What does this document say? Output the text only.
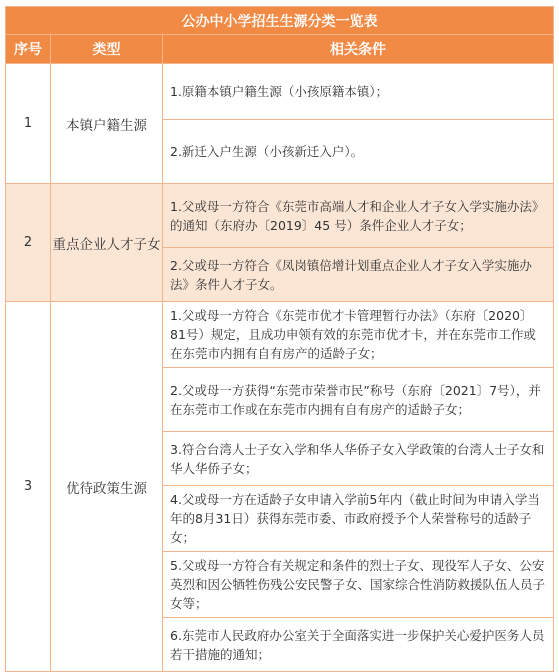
公办中小学招生生源分类一览表		
序号	类型	相关条件
1	本镇户籍生源	1.原籍本镇户籍生源（小孩原籍本镇）；
		2.新迁入户生源（小孩新迁入户）。
2	重点企业人才子女	1.父或母一方符合《东莞市高端人才和企业人才子女入学实施办法》的通知（东府办〔2019〕45 号）条件企业人才子女；
		2.父或母一方符合《凤岗镇倍增计划重点企业人才子女入学实施办法》条件人才子女。
3	优待政策生源	1.父或母一方符合《东莞市优才卡管理暂行办法》（东府〔2020〕81号）规定，且成功申领有效的东莞市优才卡，并在东莞市工作或在东莞市内拥有自有房产的适龄子女；
		2.父或母一方获得“东莞市荣誉市民”称号（东府〔2021〕7号），并在东莞市工作或在东莞市内拥有自有房产的适龄子女；
		3.符合台湾人士子女入学和华人华侨子女入学政策的台湾人士子女和华人华侨子女；
		4.父或母一方在适龄子女申请入学前5年内（截止时间为申请入学当年的8月31日）获得东莞市委、市政府授予个人荣誉称号的适龄子女；
		5.父或母一方符合有关规定和条件的烈士子女、现役军人子女、公安英烈和因公牺牲伤残公安民警子女、国家综合性消防救援队伍人员子女等；
		6.东莞市人民政府办公室关于全面落实进一步保护关心爱护医务人员若干措施的通知；
